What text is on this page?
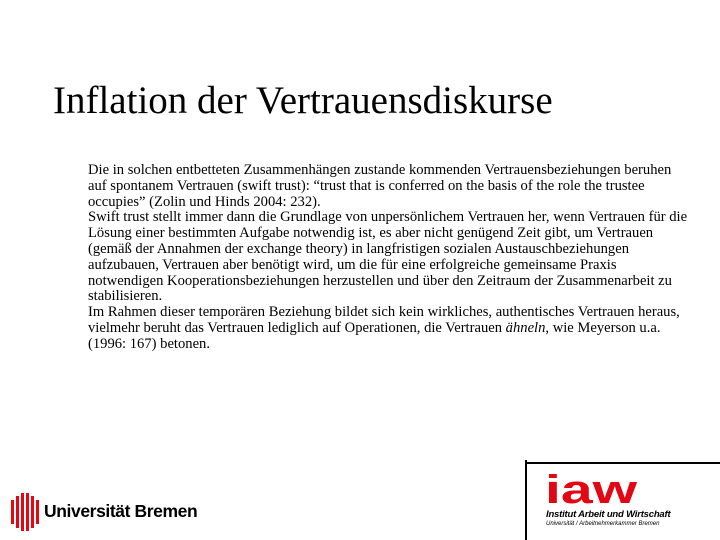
Inflation der Vertrauensdiskurse

Die in solchen entbetteten Zusammenhängen zustande kommenden Vertrauensbeziehungen beruhen auf spontanem Vertrauen (swift trust): “trust that is conferred on the basis of the role the trustee occupies” (Zolin und Hinds 2004: 232).

Swift trust stellt immer dann die Grundlage von unpersönlichem Vertrauen her, wenn Vertrauen für die Lösung einer bestimmten Aufgabe notwendig ist, es aber nicht genügend Zeit gibt, um Vertrauen (gemäß der Annahmen der exchange theory) in langfristigen sozialen Austauschbeziehungen aufzubauen, Vertrauen aber benötigt wird, um die für eine erfolgreiche gemeinsame Praxis notwendigen Kooperationsbeziehungen herzustellen und über den Zeitraum der Zusammenarbeit zu stabilisieren.

Im Rahmen dieser temporären Beziehung bildet sich kein wirkliches, authentisches Vertrauen heraus, vielmehr beruht das Vertrauen lediglich auf Operationen, die Vertrauen ähneln, wie Meyerson u.a. (1996: 167) betonen.

Universität Bremen	iaw
Institut Arbeit und Wirtschaft
Universität / Arbeitnehmerkammer Bremen
